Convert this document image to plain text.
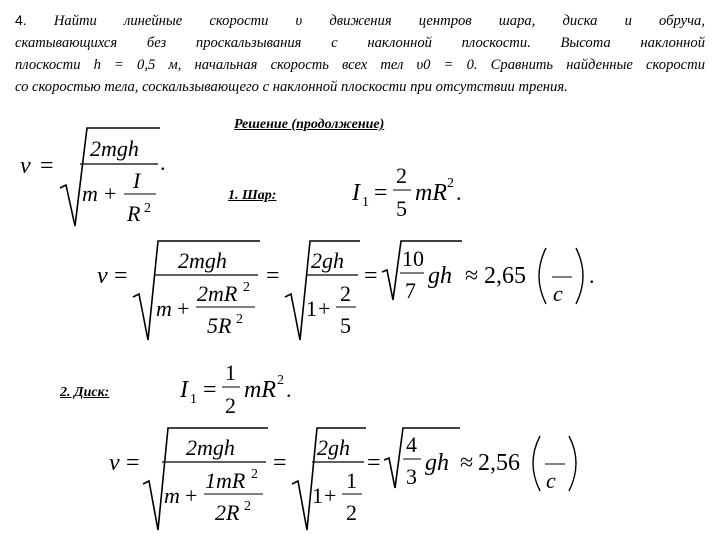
4. Найти линейные скорости υ движения центров шара, диска и обруча,
скатывающихся без проскальзывания с наклонной плоскости. Высота наклонной
плоскости h = 0,5 м, начальная скорость всех тел υ0 = 0. Сравнить найденные скорости
со скоростью тела, соскальзывающего с наклонной плоскости при отсутствии трения.
Решение (продолжение)
1. Шар:
2. Диск:
v =
2mgh
m +
I
R 2
.
I 1 =
2
5
mR 2 .
v =
2mgh
m +
2mR 2
5R 2
=
2gh
1 +
2
5
=
10
7
gh ≈ 2,65
с
.
I 1 =
1
2
mR 2 .
v =
2mgh
m +
1mR 2
2R 2
=
2gh
1 +
1
2
=
4
3
gh ≈ 2,56
с
